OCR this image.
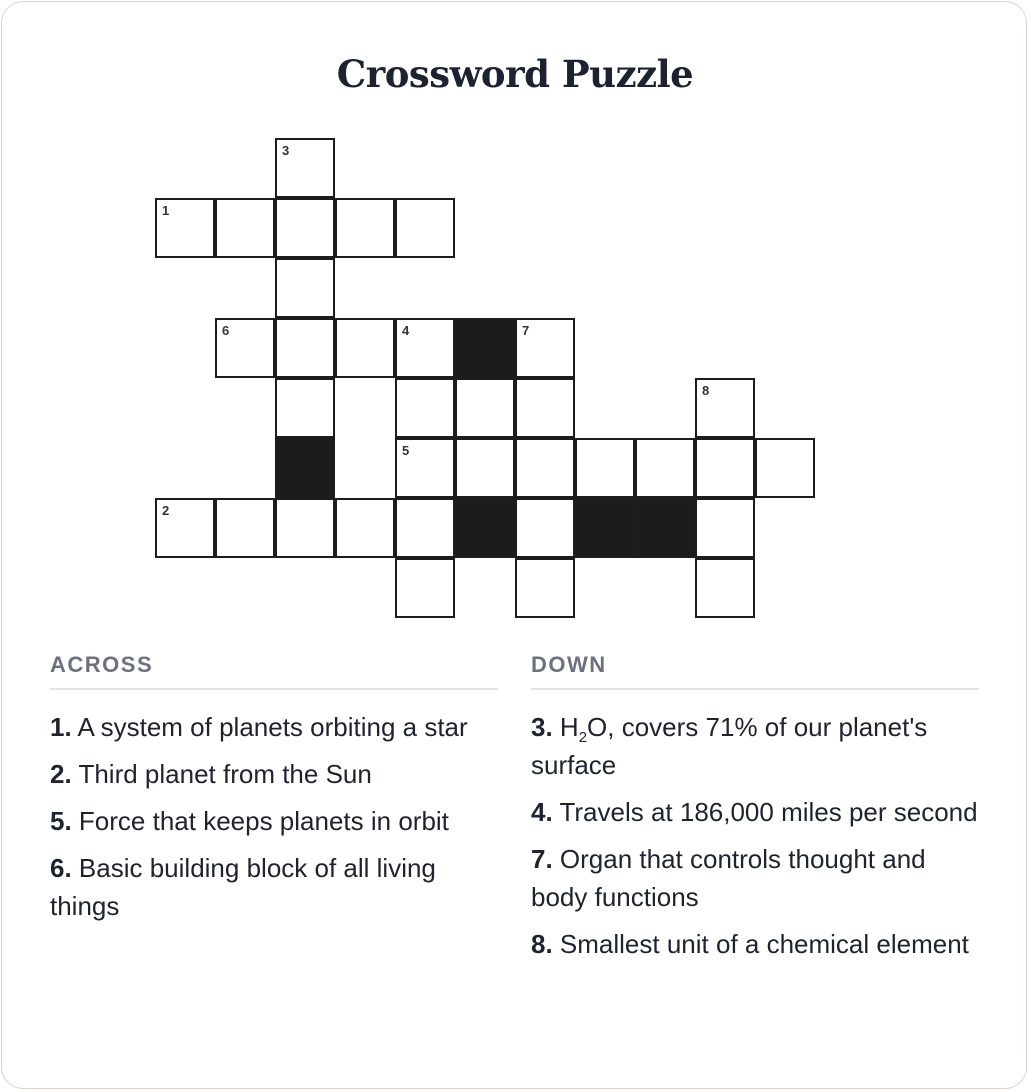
Crossword Puzzle
3
1
6	4	7
8
5
2
ACROSS
1. A system of planets orbiting a star
2. Third planet from the Sun
5. Force that keeps planets in orbit
6. Basic building block of all living things
DOWN
3. $H_2O$, covers 71% of our planet's surface
4. Travels at 186,000 miles per second
7. Organ that controls thought and body functions
8. Smallest unit of a chemical element
